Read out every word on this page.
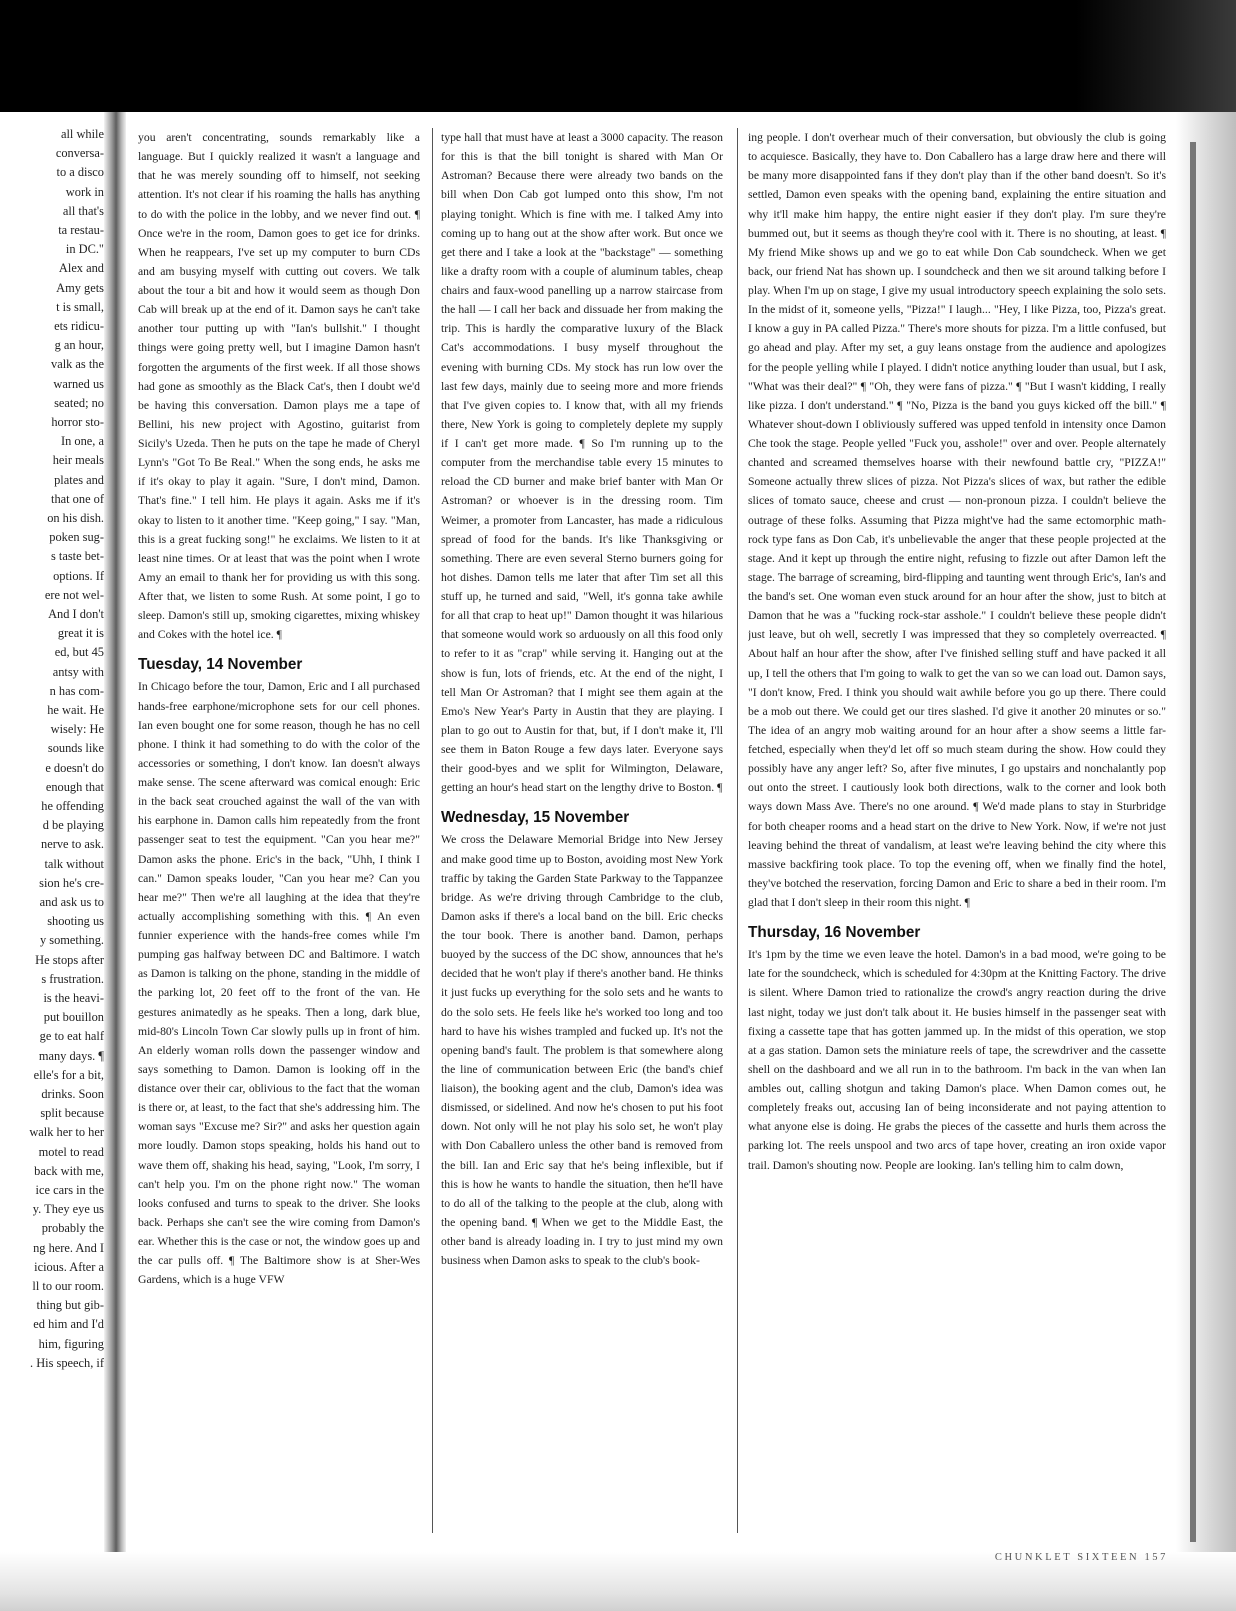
all while
conversa-
to a disco
work in
all that's
ta restau-
in DC."
Alex and
Amy gets
t is small,
ets ridicu-
g an hour,
valk as the
warned us
seated; no
horror sto-
In one, a
heir meals
plates and
that one of
on his dish.
poken sug-
s taste bet-
options. If
ere not wel-
And I don't
great it is
ed, but 45
antsy with
n has com-
he wait. He
wisely: He
sounds like
e doesn't do
enough that
he offending
d be playing
nerve to ask.
talk without
sion he's cre-
and ask us to
shooting us
y something.
He stops after
s frustration.
is the heavi-
put bouillon
ge to eat half
many days. ¶
elle's for a bit,
drinks. Soon
split because
walk her to her
motel to read
back with me,
ice cars in the
y. They eye us
probably the
ng here. And I
icious. After a
ll to our room.
thing but gib-
ed him and I'd
him, figuring
. His speech, if

you aren't concentrating, sounds remarkably like a language. But I quickly realized it wasn't a language and that he was merely sounding off to himself, not seeking attention. It's not clear if his roaming the halls has anything to do with the police in the lobby, and we never find out. ¶ Once we're in the room, Damon goes to get ice for drinks. When he reappears, I've set up my computer to burn CDs and am busying myself with cutting out covers. We talk about the tour a bit and how it would seem as though Don Cab will break up at the end of it. Damon says he can't take another tour putting up with "Ian's bullshit." I thought things were going pretty well, but I imagine Damon hasn't forgotten the arguments of the first week. If all those shows had gone as smoothly as the Black Cat's, then I doubt we'd be having this conversation. Damon plays me a tape of Bellini, his new project with Agostino, guitarist from Sicily's Uzeda. Then he puts on the tape he made of Cheryl Lynn's "Got To Be Real." When the song ends, he asks me if it's okay to play it again. "Sure, I don't mind, Damon. That's fine." I tell him. He plays it again. Asks me if it's okay to listen to it another time. "Keep going," I say. "Man, this is a great fucking song!" he exclaims. We listen to it at least nine times. Or at least that was the point when I wrote Amy an email to thank her for providing us with this song. After that, we listen to some Rush. At some point, I go to sleep. Damon's still up, smoking cigarettes, mixing whiskey and Cokes with the hotel ice. ¶

Tuesday, 14 November

In Chicago before the tour, Damon, Eric and I all purchased hands-free earphone/microphone sets for our cell phones. Ian even bought one for some reason, though he has no cell phone. I think it had something to do with the color of the accessories or something, I don't know. Ian doesn't always make sense. The scene afterward was comical enough: Eric in the back seat crouched against the wall of the van with his earphone in. Damon calls him repeatedly from the front passenger seat to test the equipment. "Can you hear me?" Damon asks the phone. Eric's in the back, "Uhh, I think I can." Damon speaks louder, "Can you hear me? Can you hear me?" Then we're all laughing at the idea that they're actually accomplishing something with this. ¶ An even funnier experience with the hands-free comes while I'm pumping gas halfway between DC and Baltimore. I watch as Damon is talking on the phone, standing in the middle of the parking lot, 20 feet off to the front of the van. He gestures animatedly as he speaks. Then a long, dark blue, mid-80's Lincoln Town Car slowly pulls up in front of him. An elderly woman rolls down the passenger window and says something to Damon. Damon is looking off in the distance over their car, oblivious to the fact that the woman is there or, at least, to the fact that she's addressing him. The woman says "Excuse me? Sir?" and asks her question again more loudly. Damon stops speaking, holds his hand out to wave them off, shaking his head, saying, "Look, I'm sorry, I can't help you. I'm on the phone right now." The woman looks confused and turns to speak to the driver. She looks back. Perhaps she can't see the wire coming from Damon's ear. Whether this is the case or not, the window goes up and the car pulls off. ¶ The Baltimore show is at Sher-Wes Gardens, which is a huge VFW

type hall that must have at least a 3000 capacity. The reason for this is that the bill tonight is shared with Man Or Astroman? Because there were already two bands on the bill when Don Cab got lumped onto this show, I'm not playing tonight. Which is fine with me. I talked Amy into coming up to hang out at the show after work. But once we get there and I take a look at the "backstage" — something like a drafty room with a couple of aluminum tables, cheap chairs and faux-wood panelling up a narrow staircase from the hall — I call her back and dissuade her from making the trip. This is hardly the comparative luxury of the Black Cat's accommodations. I busy myself throughout the evening with burning CDs. My stock has run low over the last few days, mainly due to seeing more and more friends that I've given copies to. I know that, with all my friends there, New York is going to completely deplete my supply if I can't get more made. ¶ So I'm running up to the computer from the merchandise table every 15 minutes to reload the CD burner and make brief banter with Man Or Astroman? or whoever is in the dressing room. Tim Weimer, a promoter from Lancaster, has made a ridiculous spread of food for the bands. It's like Thanksgiving or something. There are even several Sterno burners going for hot dishes. Damon tells me later that after Tim set all this stuff up, he turned and said, "Well, it's gonna take awhile for all that crap to heat up!" Damon thought it was hilarious that someone would work so arduously on all this food only to refer to it as "crap" while serving it. Hanging out at the show is fun, lots of friends, etc. At the end of the night, I tell Man Or Astroman? that I might see them again at the Emo's New Year's Party in Austin that they are playing. I plan to go out to Austin for that, but, if I don't make it, I'll see them in Baton Rouge a few days later. Everyone says their good-byes and we split for Wilmington, Delaware, getting an hour's head start on the lengthy drive to Boston. ¶

Wednesday, 15 November

We cross the Delaware Memorial Bridge into New Jersey and make good time up to Boston, avoiding most New York traffic by taking the Garden State Parkway to the Tappanzee bridge. As we're driving through Cambridge to the club, Damon asks if there's a local band on the bill. Eric checks the tour book. There is another band. Damon, perhaps buoyed by the success of the DC show, announces that he's decided that he won't play if there's another band. He thinks it just fucks up everything for the solo sets and he wants to do the solo sets. He feels like he's worked too long and too hard to have his wishes trampled and fucked up. It's not the opening band's fault. The problem is that somewhere along the line of communication between Eric (the band's chief liaison), the booking agent and the club, Damon's idea was dismissed, or sidelined. And now he's chosen to put his foot down. Not only will he not play his solo set, he won't play with Don Caballero unless the other band is removed from the bill. Ian and Eric say that he's being inflexible, but if this is how he wants to handle the situation, then he'll have to do all of the talking to the people at the club, along with the opening band. ¶ When we get to the Middle East, the other band is already loading in. I try to just mind my own business when Damon asks to speak to the club's book-

ing people. I don't overhear much of their conversation, but obviously the club is going to acquiesce. Basically, they have to. Don Caballero has a large draw here and there will be many more disappointed fans if they don't play than if the other band doesn't. So it's settled, Damon even speaks with the opening band, explaining the entire situation and why it'll make him happy, the entire night easier if they don't play. I'm sure they're bummed out, but it seems as though they're cool with it. There is no shouting, at least. ¶ My friend Mike shows up and we go to eat while Don Cab soundcheck. When we get back, our friend Nat has shown up. I soundcheck and then we sit around talking before I play. When I'm up on stage, I give my usual introductory speech explaining the solo sets. In the midst of it, someone yells, "Pizza!" I laugh... "Hey, I like Pizza, too, Pizza's great. I know a guy in PA called Pizza." There's more shouts for pizza. I'm a little confused, but go ahead and play. After my set, a guy leans onstage from the audience and apologizes for the people yelling while I played. I didn't notice anything louder than usual, but I ask, "What was their deal?" ¶ "Oh, they were fans of pizza." ¶ "But I wasn't kidding, I really like pizza. I don't understand." ¶ "No, Pizza is the band you guys kicked off the bill." ¶ Whatever shout-down I obliviously suffered was upped tenfold in intensity once Damon Che took the stage. People yelled "Fuck you, asshole!" over and over. People alternately chanted and screamed themselves hoarse with their newfound battle cry, "PIZZA!" Someone actually threw slices of pizza. Not Pizza's slices of wax, but rather the edible slices of tomato sauce, cheese and crust — non-pronoun pizza. I couldn't believe the outrage of these folks. Assuming that Pizza might've had the same ectomorphic math-rock type fans as Don Cab, it's unbelievable the anger that these people projected at the stage. And it kept up through the entire night, refusing to fizzle out after Damon left the stage. The barrage of screaming, bird-flipping and taunting went through Eric's, Ian's and the band's set. One woman even stuck around for an hour after the show, just to bitch at Damon that he was a "fucking rock-star asshole." I couldn't believe these people didn't just leave, but oh well, secretly I was impressed that they so completely overreacted. ¶ About half an hour after the show, after I've finished selling stuff and have packed it all up, I tell the others that I'm going to walk to get the van so we can load out. Damon says, "I don't know, Fred. I think you should wait awhile before you go up there. There could be a mob out there. We could get our tires slashed. I'd give it another 20 minutes or so." The idea of an angry mob waiting around for an hour after a show seems a little far-fetched, especially when they'd let off so much steam during the show. How could they possibly have any anger left? So, after five minutes, I go upstairs and nonchalantly pop out onto the street. I cautiously look both directions, walk to the corner and look both ways down Mass Ave. There's no one around. ¶ We'd made plans to stay in Sturbridge for both cheaper rooms and a head start on the drive to New York. Now, if we're not just leaving behind the threat of vandalism, at least we're leaving behind the city where this massive backfiring took place. To top the evening off, when we finally find the hotel, they've botched the reservation, forcing Damon and Eric to share a bed in their room. I'm glad that I don't sleep in their room this night. ¶

Thursday, 16 November

It's 1pm by the time we even leave the hotel. Damon's in a bad mood, we're going to be late for the soundcheck, which is scheduled for 4:30pm at the Knitting Factory. The drive is silent. Where Damon tried to rationalize the crowd's angry reaction during the drive last night, today we just don't talk about it. He busies himself in the passenger seat with fixing a cassette tape that has gotten jammed up. In the midst of this operation, we stop at a gas station. Damon sets the miniature reels of tape, the screwdriver and the cassette shell on the dashboard and we all run in to the bathroom. I'm back in the van when Ian ambles out, calling shotgun and taking Damon's place. When Damon comes out, he completely freaks out, accusing Ian of being inconsiderate and not paying attention to what anyone else is doing. He grabs the pieces of the cassette and hurls them across the parking lot. The reels unspool and two arcs of tape hover, creating an iron oxide vapor trail. Damon's shouting now. People are looking. Ian's telling him to calm down,

CHUNKLET SIXTEEN 157
